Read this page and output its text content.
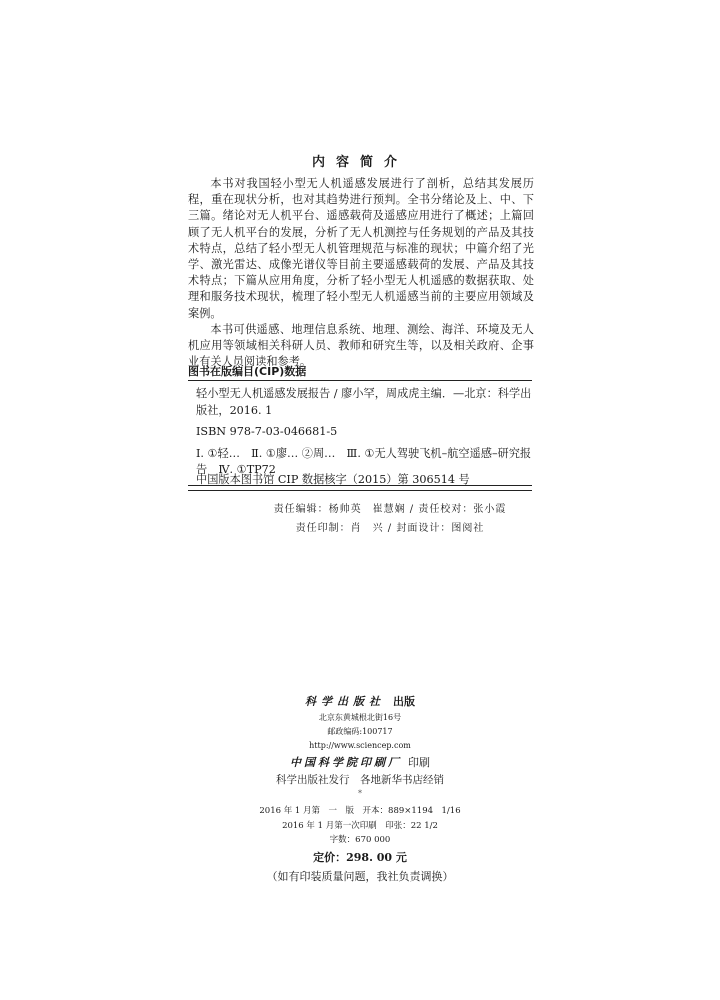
内容简介

本书对我国轻小型无人机遥感发展进行了剖析，总结其发展历程，重在现状分析，也对其趋势进行预判。全书分绪论及上、中、下三篇。绪论对无人机平台、遥感载荷及遥感应用进行了概述；上篇回顾了无人机平台的发展，分析了无人机测控与任务规划的产品及其技术特点，总结了轻小型无人机管理规范与标准的现状；中篇介绍了光学、激光雷达、成像光谱仪等目前主要遥感载荷的发展、产品及其技术特点；下篇从应用角度，分析了轻小型无人机遥感的数据获取、处理和服务技术现状，梳理了轻小型无人机遥感当前的主要应用领域及案例。

本书可供遥感、地理信息系统、地理、测绘、海洋、环境及无人机应用等领域相关科研人员、教师和研究生等，以及相关政府、企事业有关人员阅读和参考。

图书在版编目(CIP)数据
轻小型无人机遥感发展报告 / 廖小罕，周成虎主编．—北京：科学出版社，2016. 1
ISBN 978-7-03-046681-5
Ⅰ. ①轻…　Ⅱ. ①廖… ②周…　Ⅲ. ①无人驾驶飞机–航空遥感–研究报告　Ⅳ. ①TP72
中国版本图书馆 CIP 数据核字（2015）第 306514 号
责任编辑：杨帅英　崔慧娴 / 责任校对：张小霞
责任印制：肖　兴 / 封面设计：图阅社
科学出版社 出版
北京东黄城根北街16号
邮政编码:100717
http://www.sciencep.com
中国科学院印刷厂 印刷
科学出版社发行　各地新华书店经销
*
2016 年 1 月第　一　版　开本：889×1194　1/16
2016 年 1 月第一次印刷　印张：22 1/2
字数：670 000
定价：298. 00 元
（如有印装质量问题，我社负责调换）
